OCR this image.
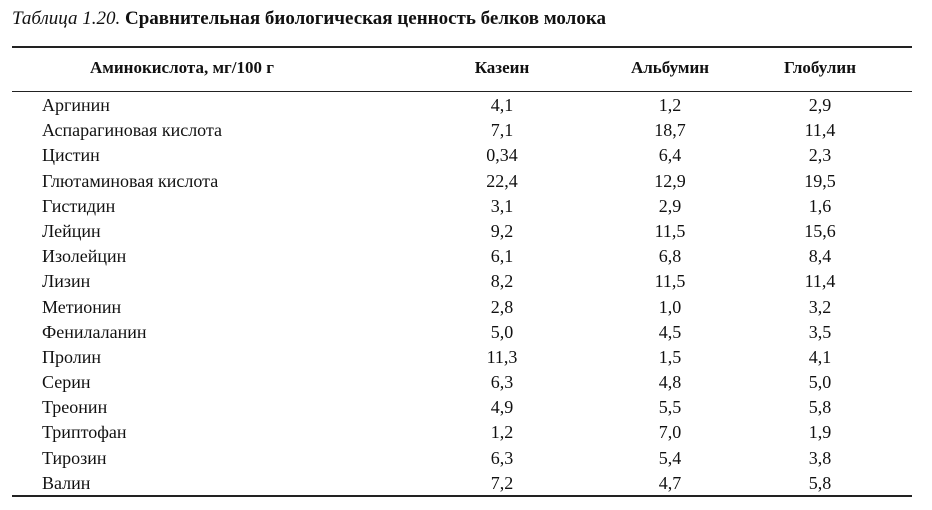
Таблица 1.20. Сравнительная биологическая ценность белков молока
Аминокислота, мг/100 г	Казеин	Альбумин	Глобулин
Аргинин	4,1	1,2	2,9
Аспарагиновая кислота	7,1	18,7	11,4
Цистин	0,34	6,4	2,3
Глютаминовая кислота	22,4	12,9	19,5
Гистидин	3,1	2,9	1,6
Лейцин	9,2	11,5	15,6
Изолейцин	6,1	6,8	8,4
Лизин	8,2	11,5	11,4
Метионин	2,8	1,0	3,2
Фенилаланин	5,0	4,5	3,5
Пролин	11,3	1,5	4,1
Серин	6,3	4,8	5,0
Треонин	4,9	5,5	5,8
Триптофан	1,2	7,0	1,9
Тирозин	6,3	5,4	3,8
Валин	7,2	4,7	5,8
